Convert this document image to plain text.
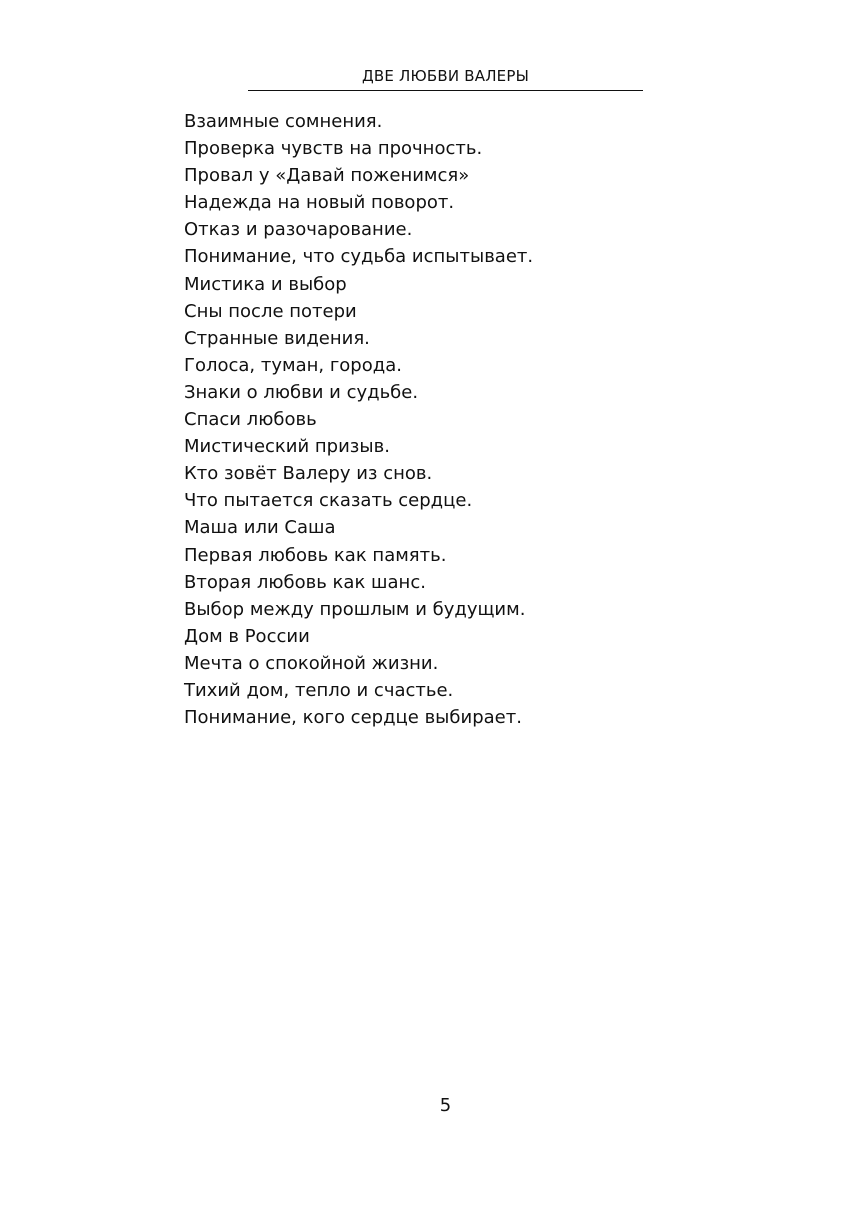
ДВЕ ЛЮБВИ ВАЛЕРЫ
Взаимные сомнения.
Проверка чувств на прочность.
Провал у «Давай поженимся»
Надежда на новый поворот.
Отказ и разочарование.
Понимание, что судьба испытывает.
Мистика и выбор
Сны после потери
Странные видения.
Голоса, туман, города.
Знаки о любви и судьбе.
Спаси любовь
Мистический призыв.
Кто зовёт Валеру из снов.
Что пытается сказать сердце.
Маша или Саша
Первая любовь как память.
Вторая любовь как шанс.
Выбор между прошлым и будущим.
Дом в России
Мечта о спокойной жизни.
Тихий дом, тепло и счастье.
Понимание, кого сердце выбирает.
5
